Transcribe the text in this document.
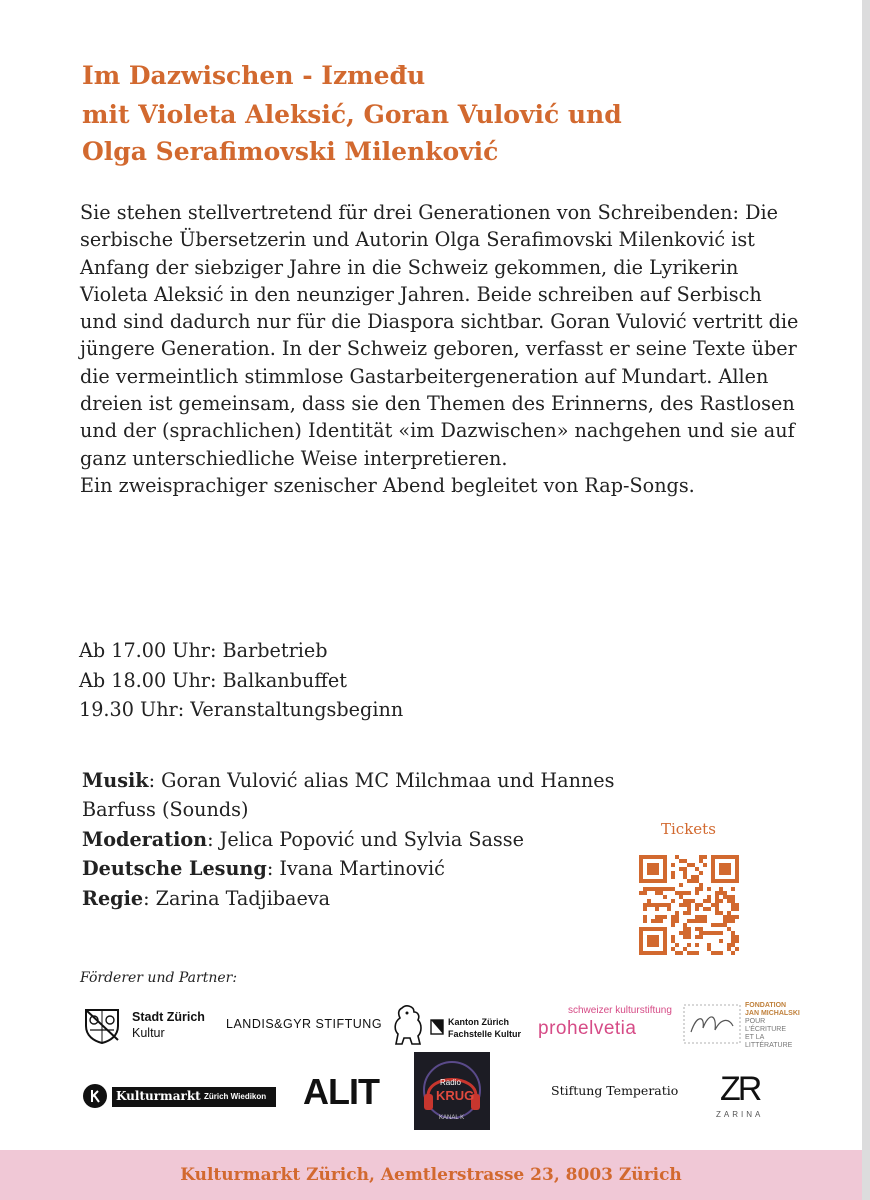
Im Dazwischen - Između
mit Violeta Aleksić, Goran Vulović und
Olga Serafimovski Milenković

Sie stehen stellvertretend für drei Generationen von Schreibenden: Die serbische Übersetzerin und Autorin Olga Serafimovski Milenković ist Anfang der siebziger Jahre in die Schweiz gekommen, die Lyrikerin Violeta Aleksić in den neunziger Jahren. Beide schreiben auf Serbisch und sind dadurch nur für die Diaspora sichtbar. Goran Vulović vertritt die jüngere Generation. In der Schweiz geboren, verfasst er seine Texte über die vermeintlich stimmlose Gastarbeitergeneration auf Mundart. Allen dreien ist gemeinsam, dass sie den Themen des Erinnerns, des Rastlosen und der (sprachlichen) Identität «im Dazwischen» nachgehen und sie auf ganz unterschiedliche Weise interpretieren.

Ein zweisprachiger szenischer Abend begleitet von Rap-Songs.

Ab 17.00 Uhr: Barbetrieb
Ab 18.00 Uhr: Balkanbuffet
19.30 Uhr: Veranstaltungsbeginn
Musik: Goran Vulović alias MC Milchmaa und Hannes Barfuss (Sounds)
Moderation: Jelica Popović und Sylvia Sasse
Deutsche Lesung: Ivana Martinović
Regie: Zarina Tadjibaeva
Tickets
Förderer und Partner:
Stadt Zürich
Kultur
LANDIS&GYR STIFTUNG	Kanton Zürich
Fachstelle Kultur
schweizer kulturstiftung
prohelvetia
FONDATION
JAN MICHALSKI
POUR
L'ÉCRITURE
ET LA
LITTÉRATURE
Kulturmarkt Zürich Wiedikon ALIT	Radio
KRUG
KANAL K
Stiftung Temperatio ZR
ZARINA
Kulturmarkt Zürich, Aemtlerstrasse 23, 8003 Zürich
